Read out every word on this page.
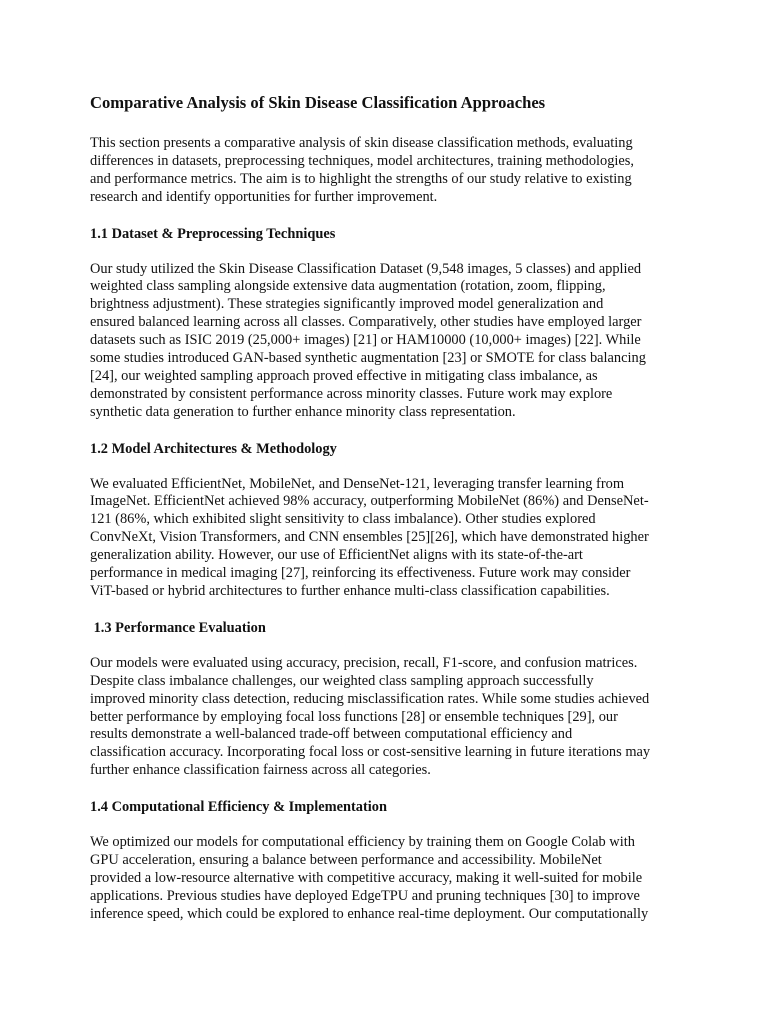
Comparative Analysis of Skin Disease Classification Approaches

This section presents a comparative analysis of skin disease classification methods, evaluating
differences in datasets, preprocessing techniques, model architectures, training methodologies,
and performance metrics. The aim is to highlight the strengths of our study relative to existing
research and identify opportunities for further improvement.

1.1 Dataset & Preprocessing Techniques

Our study utilized the Skin Disease Classification Dataset (9,548 images, 5 classes) and applied
weighted class sampling alongside extensive data augmentation (rotation, zoom, flipping,
brightness adjustment). These strategies significantly improved model generalization and
ensured balanced learning across all classes. Comparatively, other studies have employed larger
datasets such as ISIC 2019 (25,000+ images) [21] or HAM10000 (10,000+ images) [22]. While
some studies introduced GAN-based synthetic augmentation [23] or SMOTE for class balancing
[24], our weighted sampling approach proved effective in mitigating class imbalance, as
demonstrated by consistent performance across minority classes. Future work may explore
synthetic data generation to further enhance minority class representation.

1.2 Model Architectures & Methodology

We evaluated EfficientNet, MobileNet, and DenseNet-121, leveraging transfer learning from
ImageNet. EfficientNet achieved 98% accuracy, outperforming MobileNet (86%) and DenseNet-
121 (86%, which exhibited slight sensitivity to class imbalance). Other studies explored
ConvNeXt, Vision Transformers, and CNN ensembles [25][26], which have demonstrated higher
generalization ability. However, our use of EfficientNet aligns with its state-of-the-art
performance in medical imaging [27], reinforcing its effectiveness. Future work may consider
ViT-based or hybrid architectures to further enhance multi-class classification capabilities.

1.3 Performance Evaluation

Our models were evaluated using accuracy, precision, recall, F1-score, and confusion matrices.
Despite class imbalance challenges, our weighted class sampling approach successfully
improved minority class detection, reducing misclassification rates. While some studies achieved
better performance by employing focal loss functions [28] or ensemble techniques [29], our
results demonstrate a well-balanced trade-off between computational efficiency and
classification accuracy. Incorporating focal loss or cost-sensitive learning in future iterations may
further enhance classification fairness across all categories.

1.4 Computational Efficiency & Implementation

We optimized our models for computational efficiency by training them on Google Colab with
GPU acceleration, ensuring a balance between performance and accessibility. MobileNet
provided a low-resource alternative with competitive accuracy, making it well-suited for mobile
applications. Previous studies have deployed EdgeTPU and pruning techniques [30] to improve
inference speed, which could be explored to enhance real-time deployment. Our computationally
